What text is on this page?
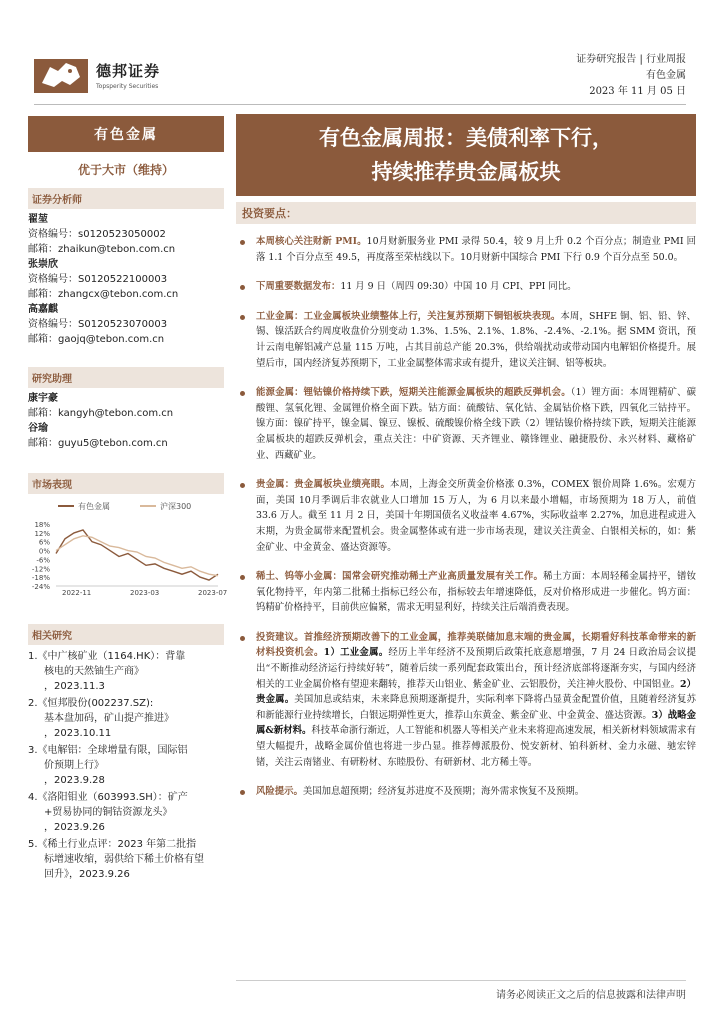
德邦证券
Topsperity Securities
证券研究报告 | 行业周报
有色金属
2023 年 11 月 05 日
有色金属
优于大市（维持）
证券分析师
翟堃
资格编号：s0120523050002
邮箱：zhaikun@tebon.com.cn
张崇欣
资格编号：S0120522100003
邮箱：zhangcx@tebon.com.cn
高嘉麒
资格编号：S0120523070003
邮箱：gaojq@tebon.com.cn
研究助理
康宇豪
邮箱：kangyh@tebon.com.cn
谷瑜
邮箱：guyu5@tebon.com.cn
市场表现
有色金属	沪深300
18%
12%
6%
0%
-6%
-12%
-18%
-24%
2022-11	2023-03	2023-07
相关研究
1.《中广核矿业（1164.HK）：背靠
核电的天然铀生产商》
，2023.11.3
2.《恒邦股份(002237.SZ):
基本盘加码，矿山提产推进》
，2023.10.11
3.《电解铝：全球增量有限，国际铝
价预期上行》
，2023.9.28
4.《洛阳钼业（603993.SH）：矿产
+贸易协同的铜钴资源龙头》
，2023.9.26
5.《稀土行业点评：2023 年第二批指
标增速收缩，弱供给下稀土价格有望
回升》，2023.9.26
有色金属周报：美债利率下行，
持续推荐贵金属板块
投资要点：
本周核心关注财新 PMI。10月财新服务业 PMI 录得 50.4，较 9 月上升 0.2 个百分点；制造业 PMI 回落 1.1 个百分点至 49.5，再度落至荣枯线以下。10月财新中国综合 PMI 下行 0.9 个百分点至 50.0。
下周重要数据发布：11 月 9 日（周四 09:30）中国 10 月 CPI、PPI 同比。
工业金属：工业金属板块业绩整体上行，关注复苏预期下铜铝板块表现。本周，SHFE 铜、铝、铅、锌、锡、镍活跃合约周度收盘价分别变动 1.3%、1.5%、2.1%、1.8%、-2.4%、-2.1%。据 SMM 资讯，预计云南电解铝减产总量 115 万吨，占其目前总产能 20.3%，供给端扰动或带动国内电解铝价格提升。展望后市，国内经济复苏预期下，工业金属整体需求或有提升，建议关注铜、铝等板块。
能源金属：锂钴镍价格持续下跌，短期关注能源金属板块的超跌反弹机会。（1）锂方面：本周锂精矿、碳酸锂、氢氧化锂、金属锂价格全面下跌。钴方面：硫酸钴、氧化钴、金属钴价格下跌，四氧化三钴持平。镍方面：镍矿持平，镍金属、镍豆、镍板、硫酸镍价格全线下跌（2）锂钴镍价格持续下跌，短期关注能源金属板块的超跌反弹机会，重点关注：中矿资源、天齐锂业、赣锋锂业、融捷股份、永兴材料、藏格矿业、西藏矿业。
贵金属：贵金属板块业绩亮眼。本周，上海金交所黄金价格涨 0.3%，COMEX 银价周降 1.6%。宏观方面，美国 10月季调后非农就业人口增加 15 万人，为 6 月以来最小增幅，市场预期为 18 万人，前值 33.6 万人。截至 11 月 2 日，美国十年期国债名义收益率 4.67%，实际收益率 2.27%，加息进程或进入末期，为贵金属带来配置机会。贵金属整体或有进一步市场表现，建议关注黄金、白银相关标的，如：紫金矿业、中金黄金、盛达资源等。
稀土、钨等小金属：国常会研究推动稀土产业高质量发展有关工作。稀土方面：本周轻稀金属持平，镨钕氧化物持平，年内第二批稀土指标已经公布，指标较去年增速降低，反对价格形成进一步催化。钨方面：钨精矿价格持平，目前供应偏紧，需求无明显利好，持续关注后端消费表现。
投资建议。首推经济预期改善下的工业金属，推荐美联储加息末端的贵金属，长期看好科技革命带来的新材料投资机会。1）工业金属。经历上半年经济不及预期后政策托底意愿增强，7 月 24 日政治局会议提出“不断推动经济运行持续好转”，随着后续一系列配套政策出台，预计经济底部将逐渐夯实，与国内经济相关的工业金属价格有望迎来翻转，推荐天山铝业、紫金矿业、云铝股份，关注神火股份、中国铝业。2）贵金属。美国加息或结束，未来降息预期逐渐提升，实际利率下降将凸显黄金配置价值，且随着经济复苏和新能源行业持续增长，白银远期弹性更大，推荐山东黄金、紫金矿业、中金黄金、盛达资源。3）战略金属&新材料。科技革命浙行渐近，人工智能和机器人等相关产业未来将迎高速发展，相关新材料领域需求有望大幅提升，战略金属价值也将进一步凸显。推荐傅派股份、悦安新材、铂科新材、金力永磁、驰宏锌锗，关注云南锗业、有研粉材、东睦股份、有研新材、北方稀土等。
风险提示。美国加息超预期；经济复苏进度不及预期；海外需求恢复不及预期。
请务必阅读正文之后的信息披露和法律声明
